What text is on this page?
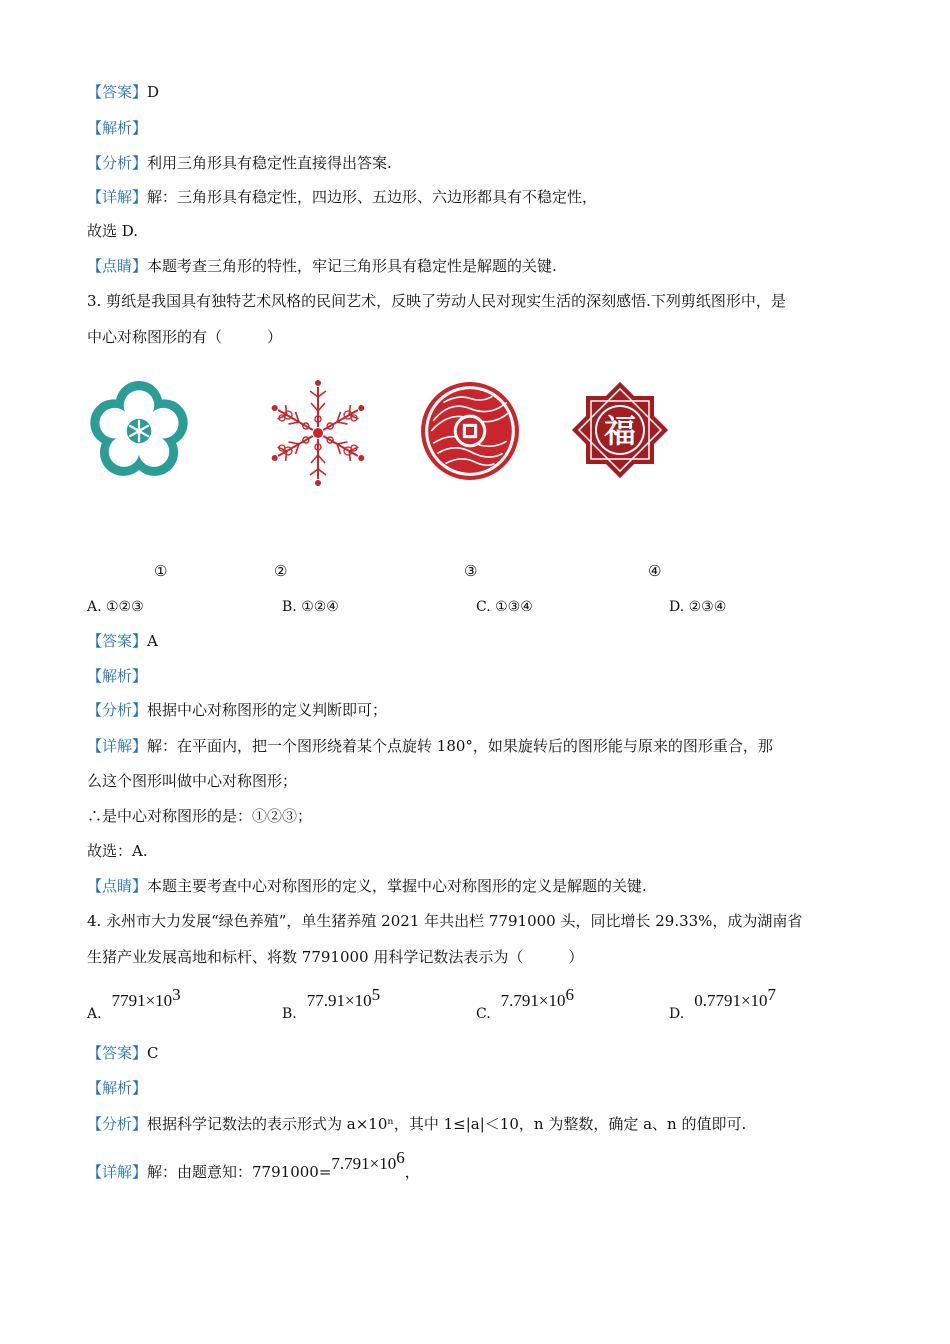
【答案】D
【解析】
【分析】利用三角形具有稳定性直接得出答案.
【详解】解：三角形具有稳定性，四边形、五边形、六边形都具有不稳定性，
故选 D.
【点睛】本题考查三角形的特性，牢记三角形具有稳定性是解题的关键.
3. 剪纸是我国具有独特艺术风格的民间艺术，反映了劳动人民对现实生活的深刻感悟.下列剪纸图形中，是
中心对称图形的有（　　　）
福
①	②	③	④
A. ①②③	B. ①②④	C. ①③④	D. ②③④
【答案】A
【解析】
【分析】根据中心对称图形的定义判断即可；
【详解】解：在平面内，把一个图形绕着某个点旋转 180°，如果旋转后的图形能与原来的图形重合，那
么这个图形叫做中心对称图形；
∴是中心对称图形的是：①②③；
故选：A.
【点睛】本题主要考查中心对称图形的定义，掌握中心对称图形的定义是解题的关键.
4. 永州市大力发展“绿色养殖”，单生猪养殖 2021 年共出栏 7791000 头，同比增长 29.33%，成为湖南省
生猪产业发展高地和标杆、将数 7791000 用科学记数法表示为（　　　）
$A.7791\times 10^3$
$B.77.91\times 10^5$
$C.7.791\times 10^6$
$D.0.7791\times 10^7$
【答案】C
【解析】
【分析】根据科学记数法的表示形式为 a×10ⁿ，其中 1≤|a|＜10，n 为整数，确定 a、n 的值即可.
【详解】解：由题意知：$7791000=7.791\times 10^6$，
